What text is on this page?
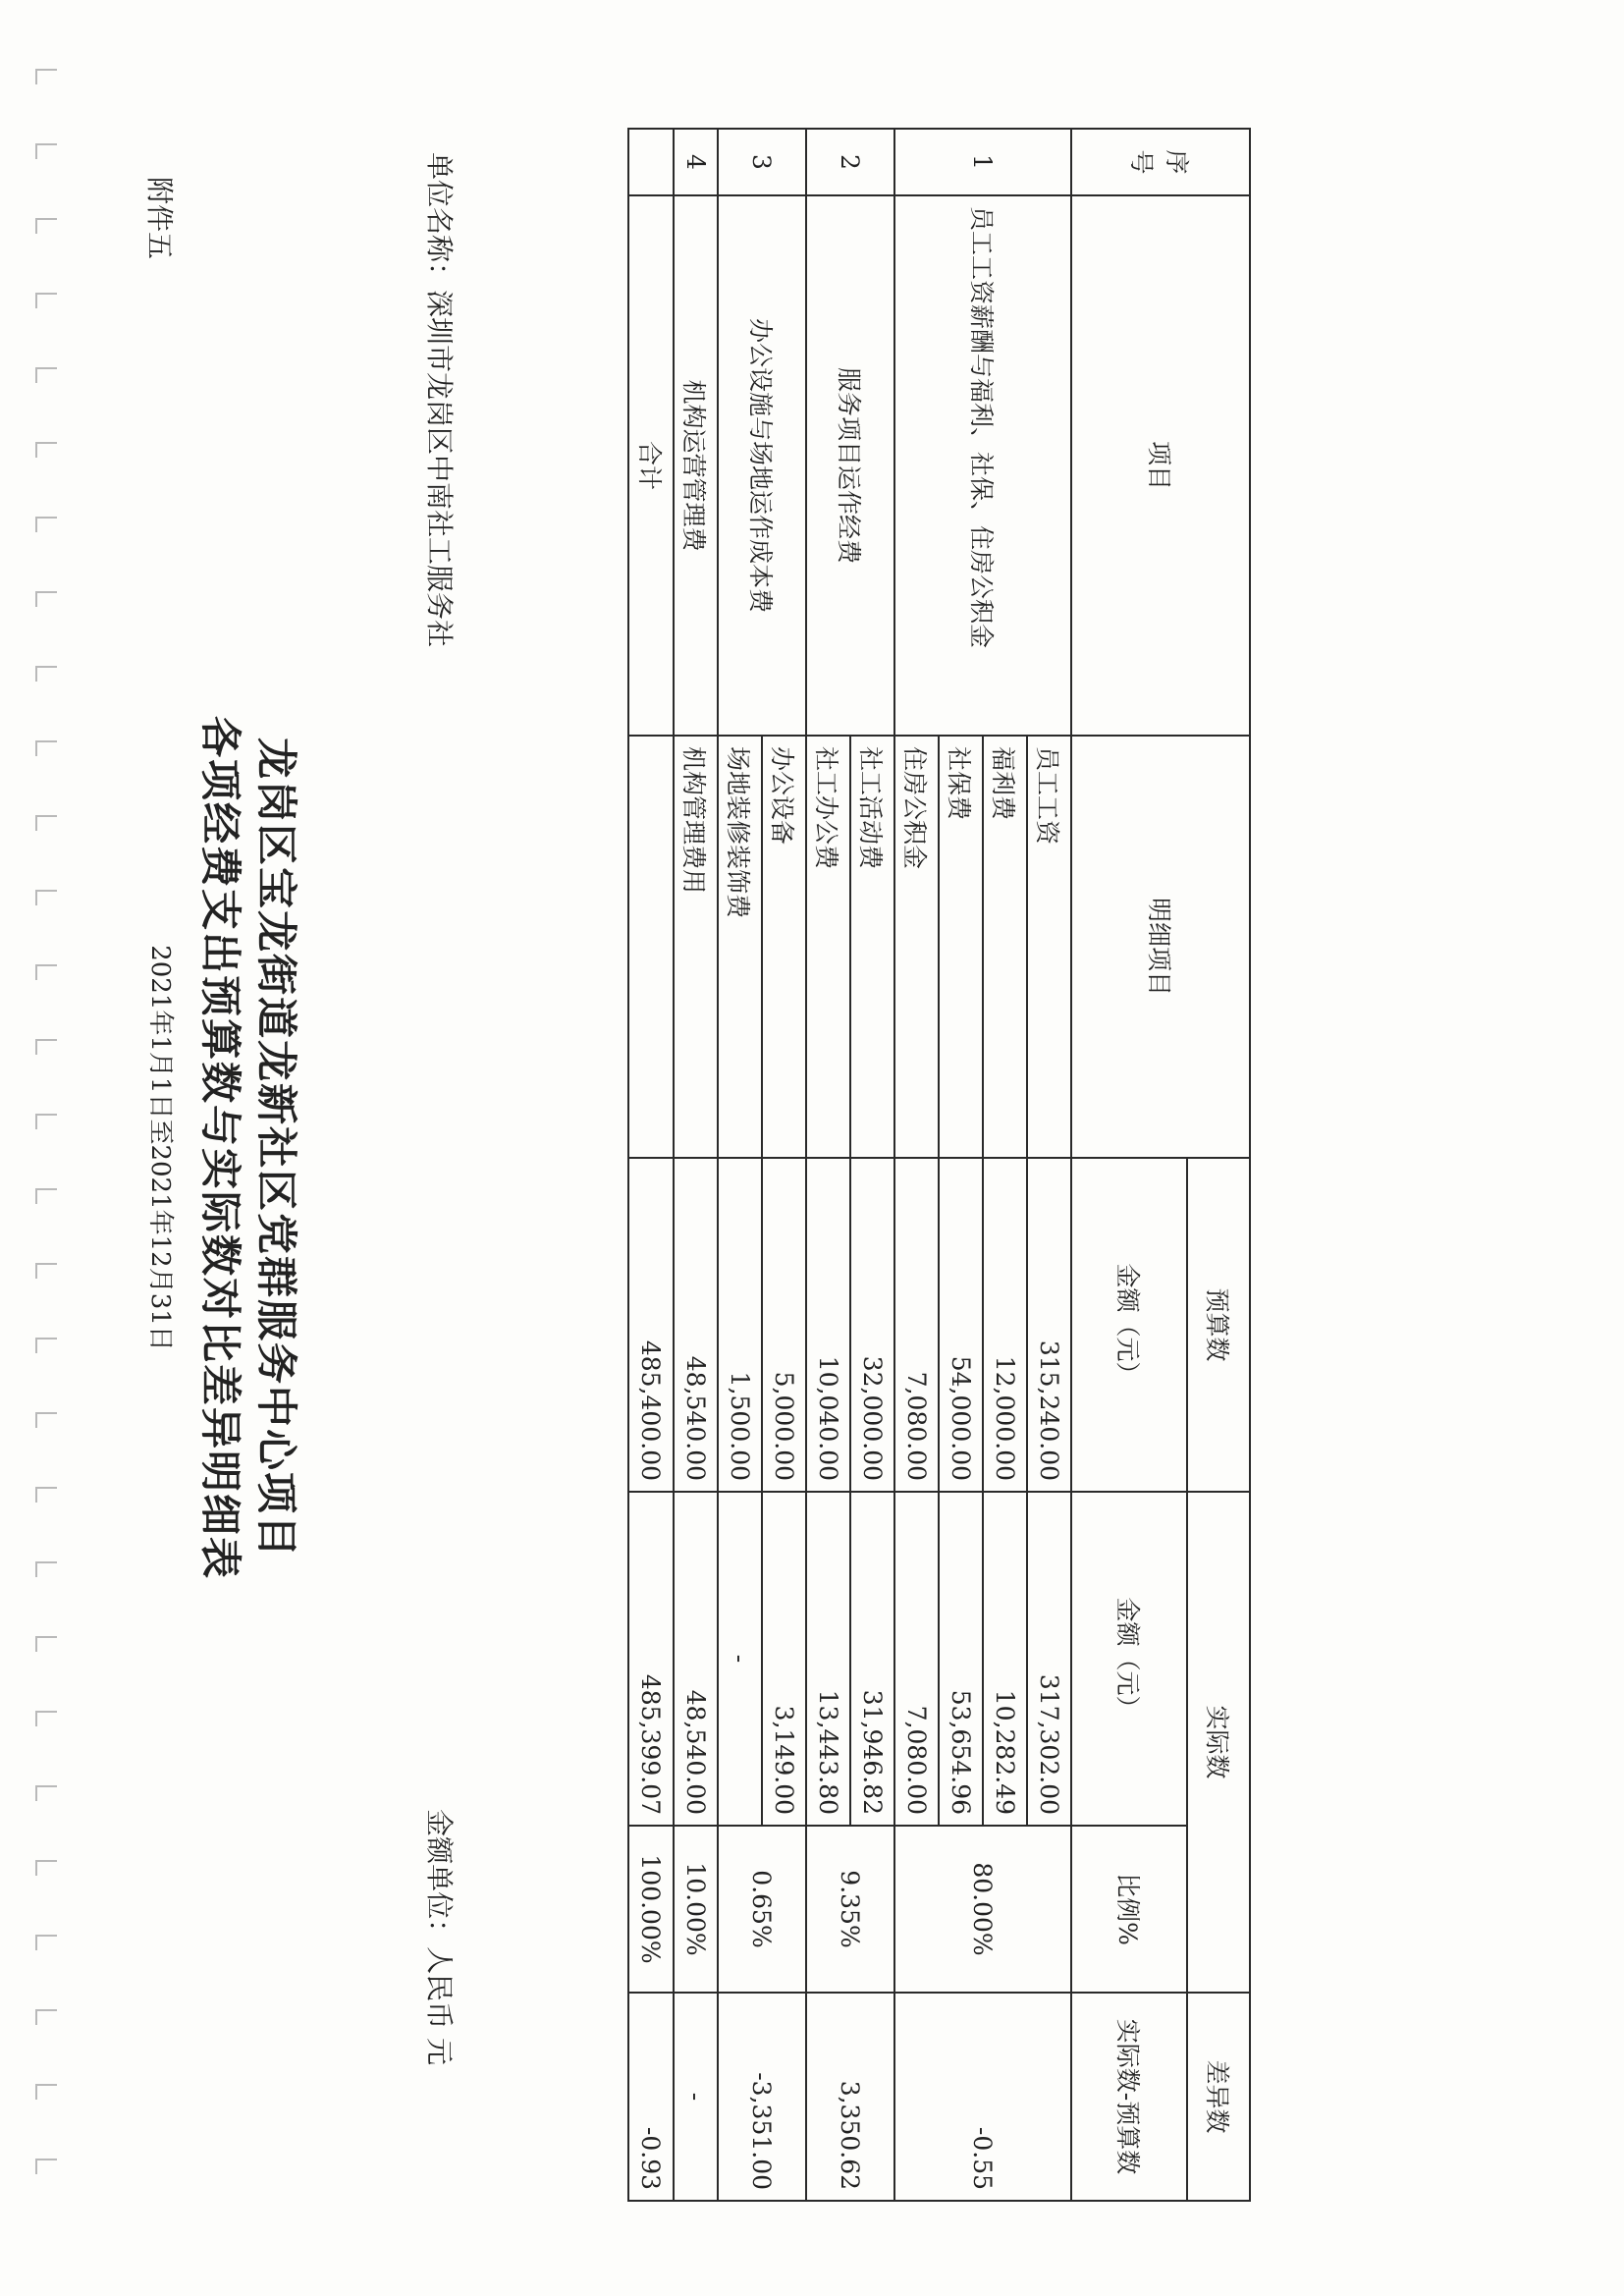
附件五
龙岗区宝龙街道龙新社区党群服务中心项目
各项经费支出预算数与实际数对比差异明细表
2021年1月1日至2021年12月31日
单位名称：深圳市龙岗区中南社工服务社
金额单位：人民币 元
序号	项目	明细项目	预算数	实际数		差异数
			金额（元）	金额（元）	比例%	实际数-预算数
1	员工工资薪酬与福利、社保、住房公积金	员工工资	315,240.00	317,302.00	80.00%	-0.55
		福利费	12,000.00	10,282.49		
		社保费	54,000.00	53,654.96		
		住房公积金	7,080.00	7,080.00		
2	服务项目运作经费	社工活动费	32,000.00	31,946.82	9.35%	3,350.62
		社工办公费	10,040.00	13,443.80		
3	办公设施与场地运作成本费	办公设备	5,000.00	3,149.00	0.65%	-3,351.00
		场地装修装饰费	1,500.00	-		
4	机构运营管理费	机构管理费用	48,540.00	48,540.00	10.00%	-
	合计		485,400.00	485,399.07	100.00%	-0.93
